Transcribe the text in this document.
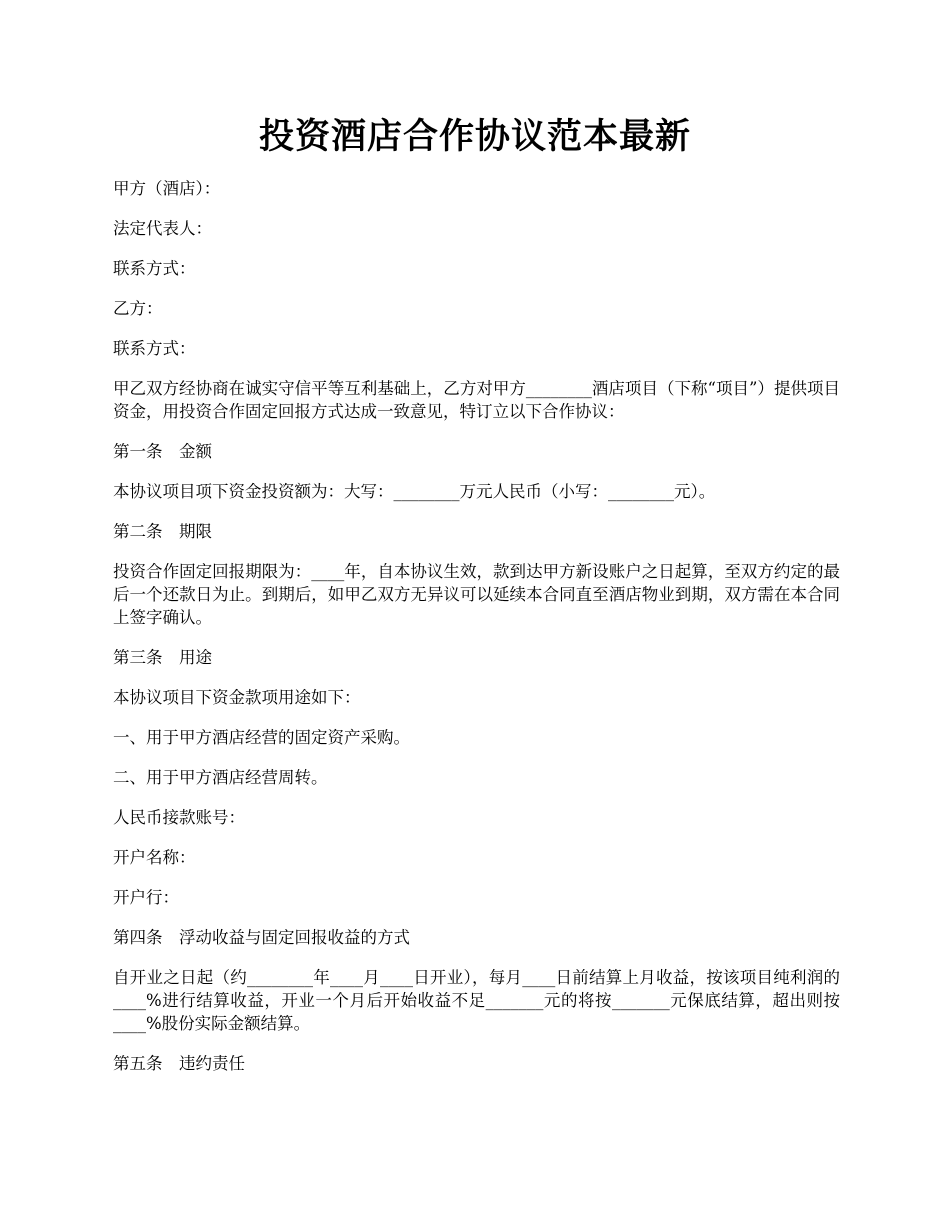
投资酒店合作协议范本最新

甲方（酒店）：

法定代表人：

联系方式：

乙方：

联系方式：

甲乙双方经协商在诚实守信平等互利基础上，乙方对甲方________酒店项目（下称“项目”）提供项目资金，用投资合作固定回报方式达成一致意见，特订立以下合作协议：

第一条　金额

本协议项目项下资金投资额为：大写：________万元人民币（小写：________元）。

第二条　期限

投资合作固定回报期限为：____年，自本协议生效，款到达甲方新设账户之日起算，至双方约定的最后一个还款日为止。到期后，如甲乙双方无异议可以延续本合同直至酒店物业到期，双方需在本合同上签字确认。

第三条　用途

本协议项目下资金款项用途如下：

一、用于甲方酒店经营的固定资产采购。

二、用于甲方酒店经营周转。

人民币接款账号：

开户名称：

开户行：

第四条　浮动收益与固定回报收益的方式

自开业之日起（约________年____月____日开业），每月____日前结算上月收益，按该项目纯利润的____%进行结算收益，开业一个月后开始收益不足_______元的将按_______元保底结算，超出则按____%股份实际金额结算。

第五条　违约责任
